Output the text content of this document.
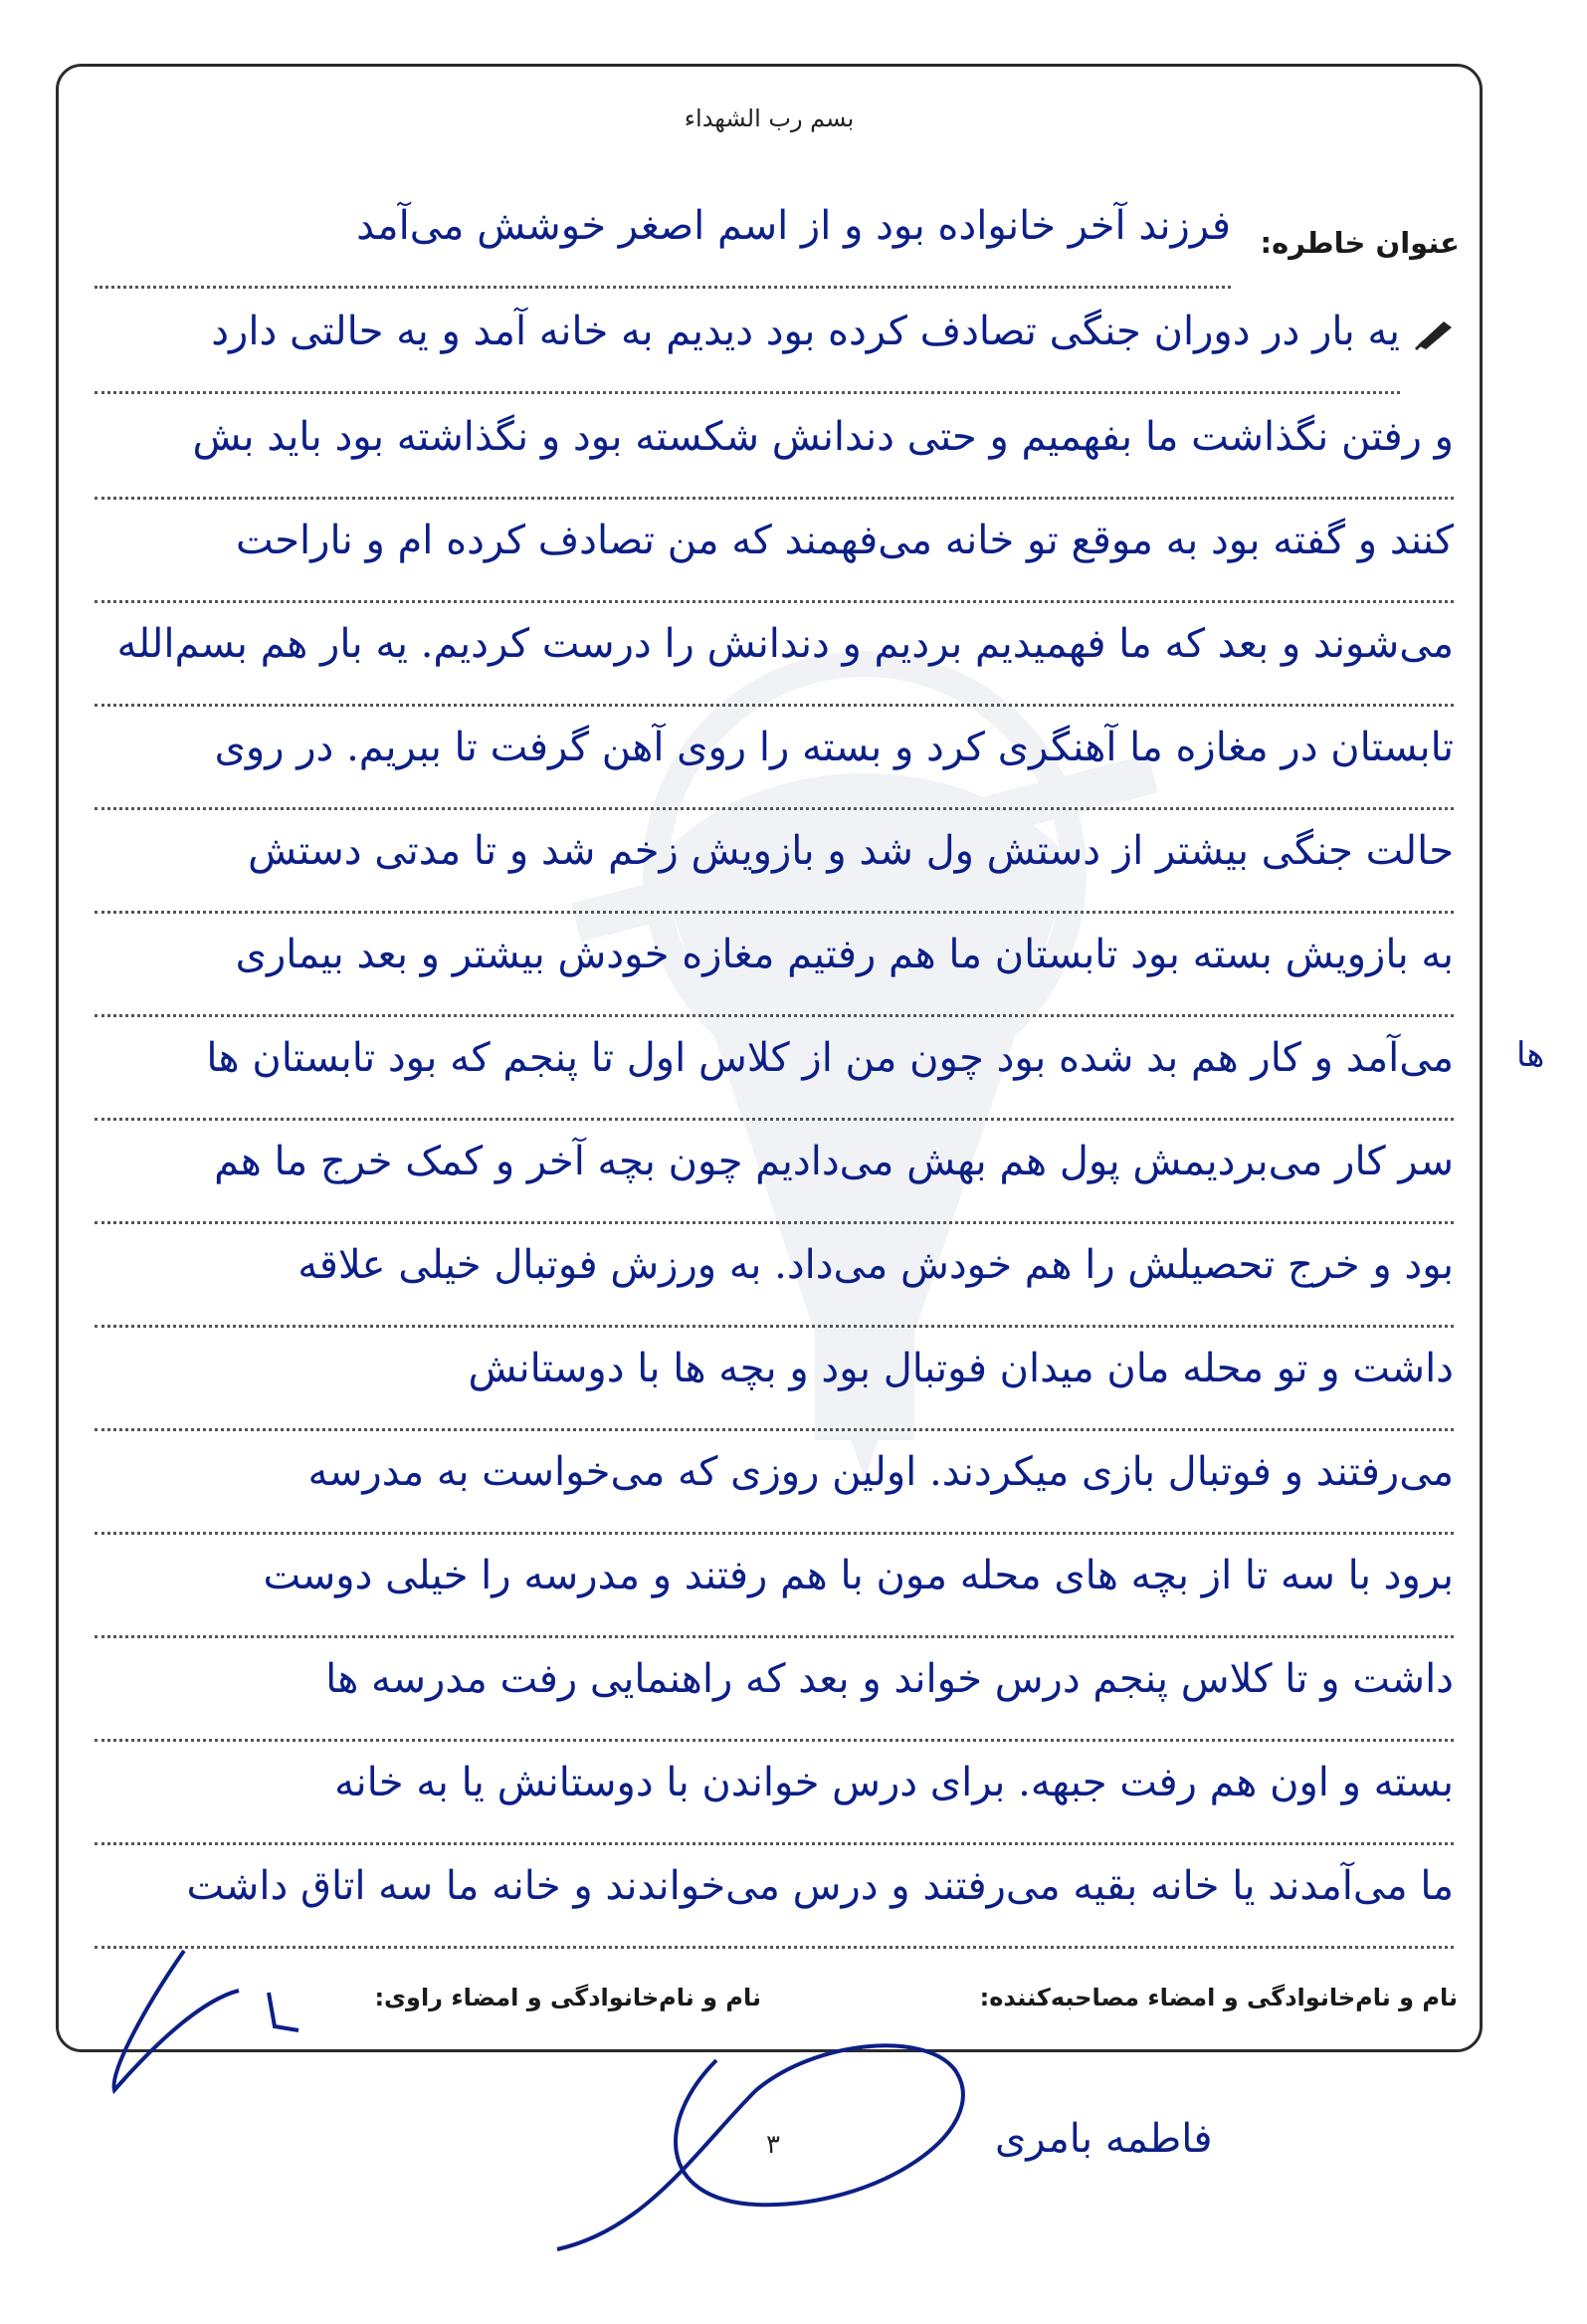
بسم رب الشهداء
عنوان خاطره:
فرزند آخر خانواده بود و از اسم اصغر خوشش می‌آمد
یه بار در دوران جنگی تصادف کرده بود دیدیم به خانه آمد و یه حالتی دارد
و رفتن نگذاشت ما بفهمیم و حتی دندانش شکسته بود و نگذاشته بود باید بش
کنند و گفته بود به موقع تو خانه می‌فهمند که من تصادف کرده ام و ناراحت
می‌شوند و بعد که ما فهمیدیم بردیم و دندانش را درست کردیم. یه بار هم بسم‌الله
تابستان در مغازه ما آهنگری کرد و بسته را روی آهن گرفت تا ببریم. در روی
حالت جنگی بیشتر از دستش ول شد و بازویش زخم شد و تا مدتی دستش
به بازویش بسته بود تابستان ما هم رفتیم مغازه خودش بیشتر و بعد بیماری
می‌آمد و کار هم بد شده بود چون من از کلاس اول تا پنجم که بود تابستان ها
سر کار می‌بردیمش پول هم بهش می‌دادیم چون بچه آخر و کمک خرج ما هم
بود و خرج تحصیلش را هم خودش می‌داد. به ورزش فوتبال خیلی علاقه
داشت و تو محله مان میدان فوتبال بود و بچه ها با دوستانش
می‌رفتند و فوتبال بازی میکردند. اولین روزی که می‌خواست به مدرسه
برود با سه تا از بچه های محله مون با هم رفتند و مدرسه را خیلی دوست
داشت و تا کلاس پنجم درس خواند و بعد که راهنمایی رفت مدرسه ها
بسته و اون هم رفت جبهه. برای درس خواندن با دوستانش یا به خانه
ما می‌آمدند یا خانه بقیه می‌رفتند و درس می‌خواندند و خانه ما سه اتاق داشت
نام و نام‌خانوادگی و امضاء مصاحبه‌کننده:
نام و نام‌خانوادگی و امضاء راوی:
ها
۳	فاطمه بامری
